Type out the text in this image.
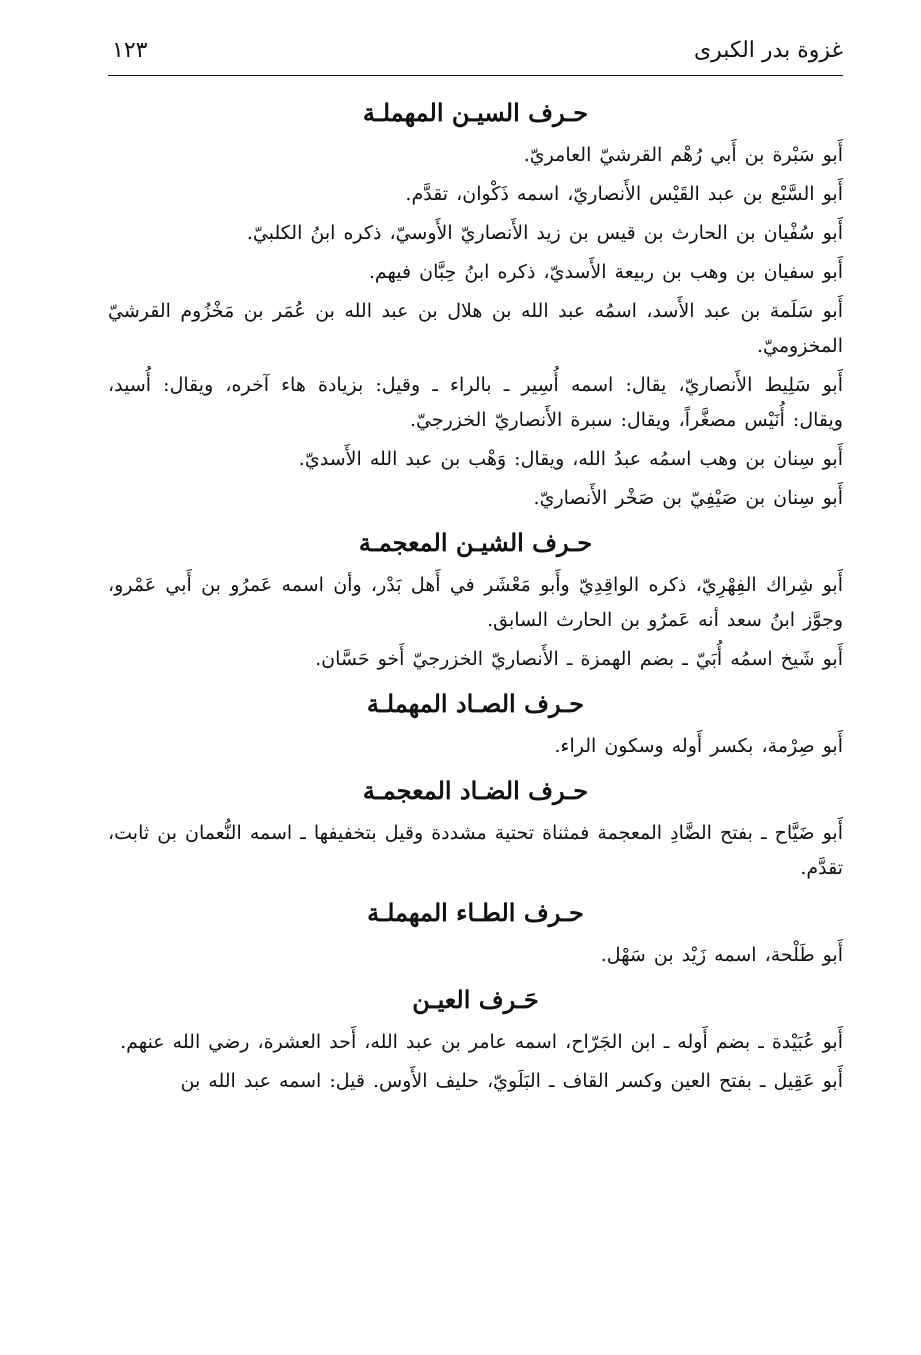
غزوة بدر الكبرى
١٢٣
حـرف السيـن المهملـة

أَبو سَبْرة بن أَبي رُهْم القرشيّ العامريّ.

أَبو السَّبْع بن عبد القَيْس الأَنصاريّ، اسمه ذَكْوان، تقدَّم.

أَبو سُفْيان بن الحارث بن قيس بن زيد الأَنصاريّ الأَوسيّ، ذكره ابنُ الكلبيّ.

أَبو سفيان بن وهب بن ربيعة الأَسديّ، ذكره ابنُ حِبَّان فيهم.

أَبو سَلَمة بن عبد الأَسد، اسمُه عبد الله بن هلال بن عبد الله بن عُمَر بن مَخْزُوم القرشيّ المخزوميّ.

أَبو سَلِيط الأَنصاريّ، يقال: اسمه أُسِير ـ بالراء ـ وقيل: بزيادة هاء آخره، ويقال: أُسيد، ويقال: أُنَيْس مصغَّراً، ويقال: سبرة الأَنصاريّ الخزرجيّ.

أَبو سِنان بن وهب اسمُه عبدُ الله، ويقال: وَهْب بن عبد الله الأَسديّ.

أَبو سِنان بن صَيْفِيّ بن صَخْر الأَنصاريّ.

حـرف الشيـن المعجمـة

أَبو شِراك الفِهْرِيّ، ذكره الواقِدِيّ وأَبو مَعْشَر في أَهل بَدْر، وأن اسمه عَمرُو بن أَبي عَمْرو، وجوَّز ابنُ سعد أنه عَمرُو بن الحارث السابق.

أَبو شَيخ اسمُه أُبَيّ ـ بضم الهمزة ـ الأَنصاريّ الخزرجيّ أَخو حَسَّان.

حـرف الصـاد المهملـة

أَبو صِرْمة، بكسر أَوله وسكون الراء.

حـرف الضـاد المعجمـة

أَبو ضَيَّاح ـ بفتح الضَّادِ المعجمة فمثناة تحتية مشددة وقيل بتخفيفها ـ اسمه النُّعمان بن ثابت، تقدَّم.

حـرف الطـاء المهملـة

أَبو طَلْحة، اسمه زَيْد بن سَهْل.

حَـرف العيـن

أَبو عُبَيْدة ـ بضم أَوله ـ ابن الجَرّاح، اسمه عامر بن عبد الله، أَحد العشرة، رضي الله عنهم.

أَبو عَقِيل ـ بفتح العين وكسر القاف ـ البَلَويّ، حليف الأَوس. قيل: اسمه عبد الله بن
